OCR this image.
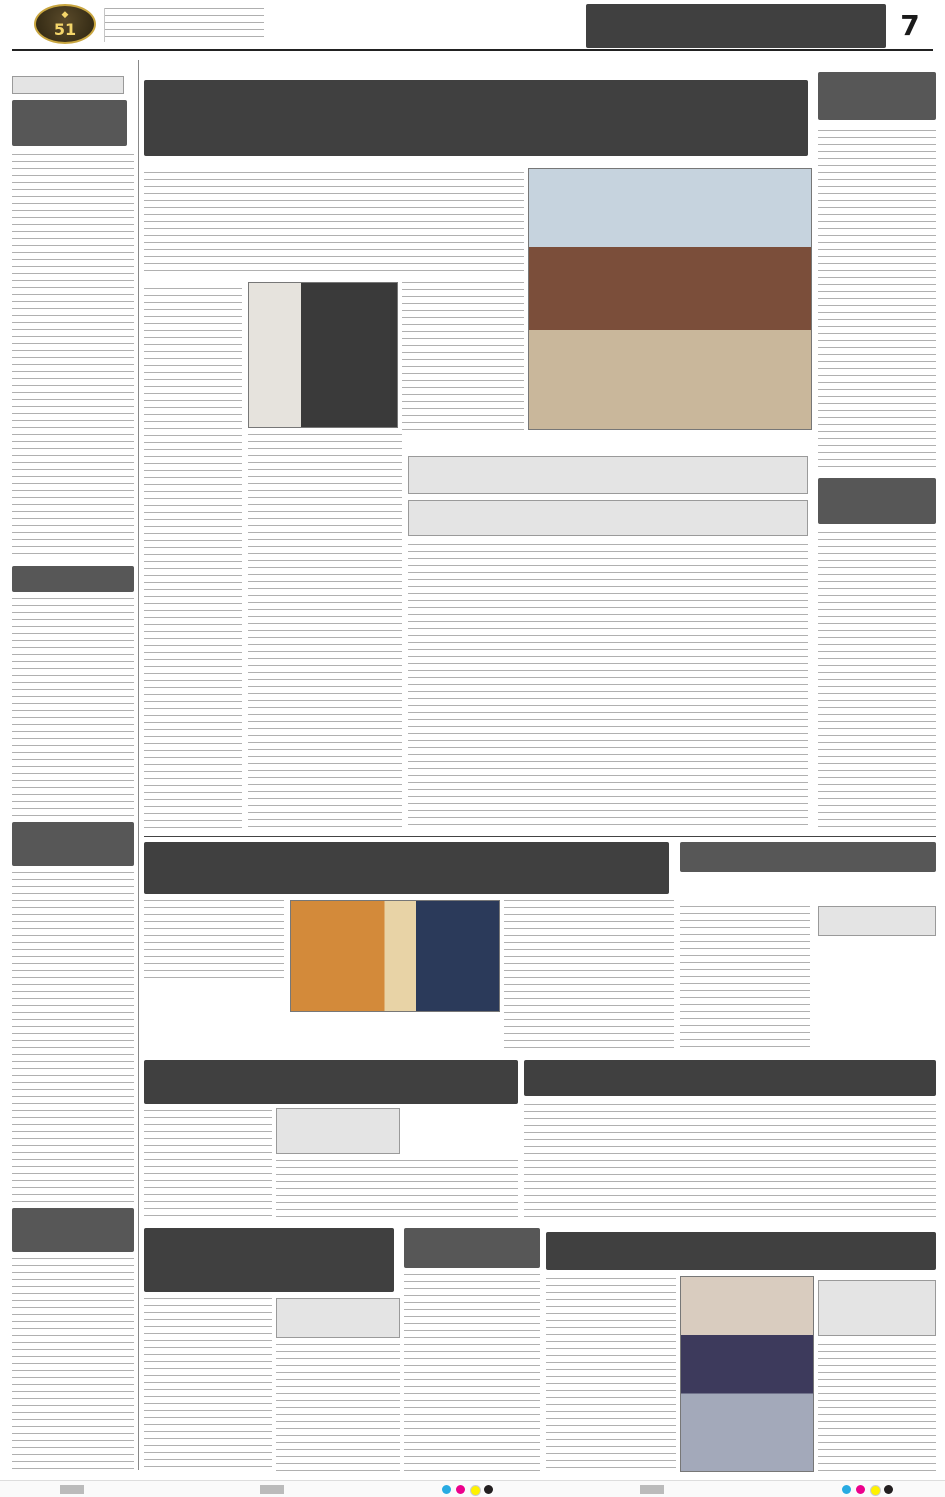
◆
51	7
